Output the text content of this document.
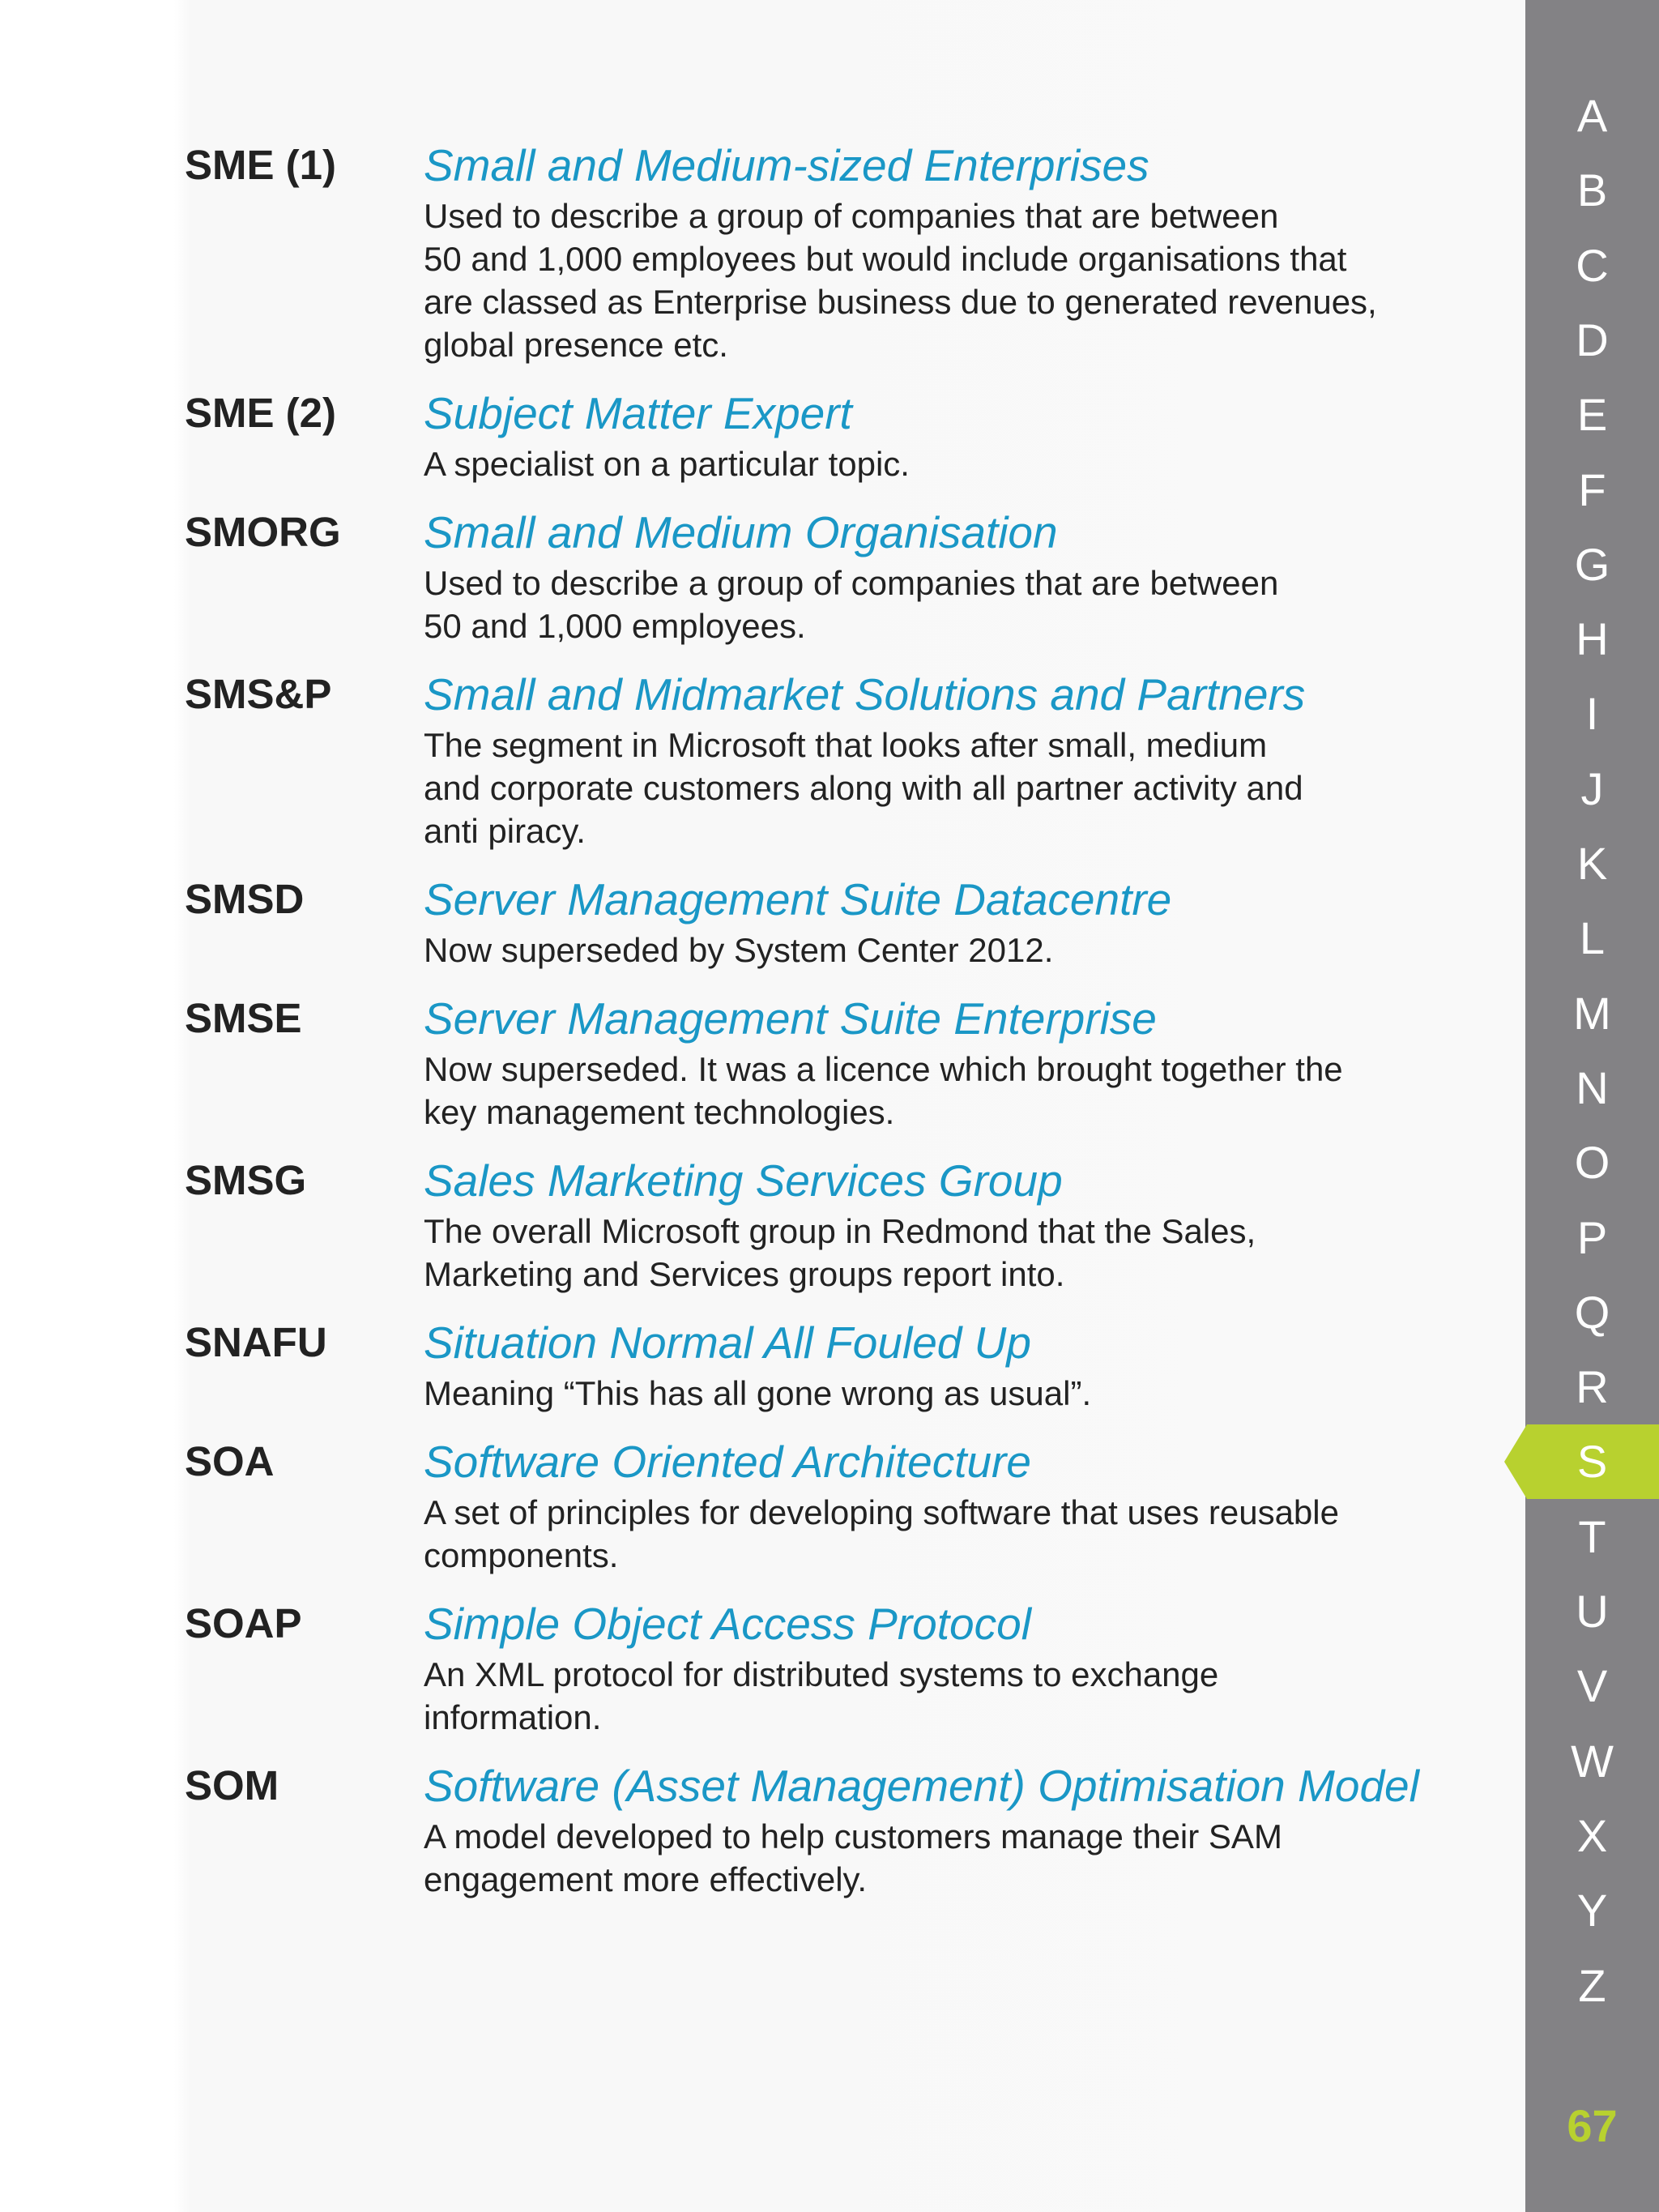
SME (1)	Small and Medium-sized Enterprises
Used to describe a group of companies that are between
50 and 1,000 employees but would include organisations that
are classed as Enterprise business due to generated revenues,
global presence etc.
SME (2)	Subject Matter Expert
A specialist on a particular topic.
SMORG	Small and Medium Organisation
Used to describe a group of companies that are between
50 and 1,000 employees.
SMS&P	Small and Midmarket Solutions and Partners
The segment in Microsoft that looks after small, medium
and corporate customers along with all partner activity and
anti piracy.
SMSD	Server Management Suite Datacentre
Now superseded by System Center 2012.
SMSE	Server Management Suite Enterprise
Now superseded. It was a licence which brought together the
key management technologies.
SMSG	Sales Marketing Services Group
The overall Microsoft group in Redmond that the Sales,
Marketing and Services groups report into.
SNAFU	Situation Normal All Fouled Up
Meaning “This has all gone wrong as usual”.
SOA	Software Oriented Architecture
A set of principles for developing software that uses reusable
components.
SOAP	Simple Object Access Protocol
An XML protocol for distributed systems to exchange
information.
SOM	Software (Asset Management) Optimisation Model
A model developed to help customers manage their SAM
engagement more effectively.
A
B
C
D
E
F
G
H
I
J
K
L
M
N
O
P
Q
R
S
T
U
V
W
X
Y
Z
67
